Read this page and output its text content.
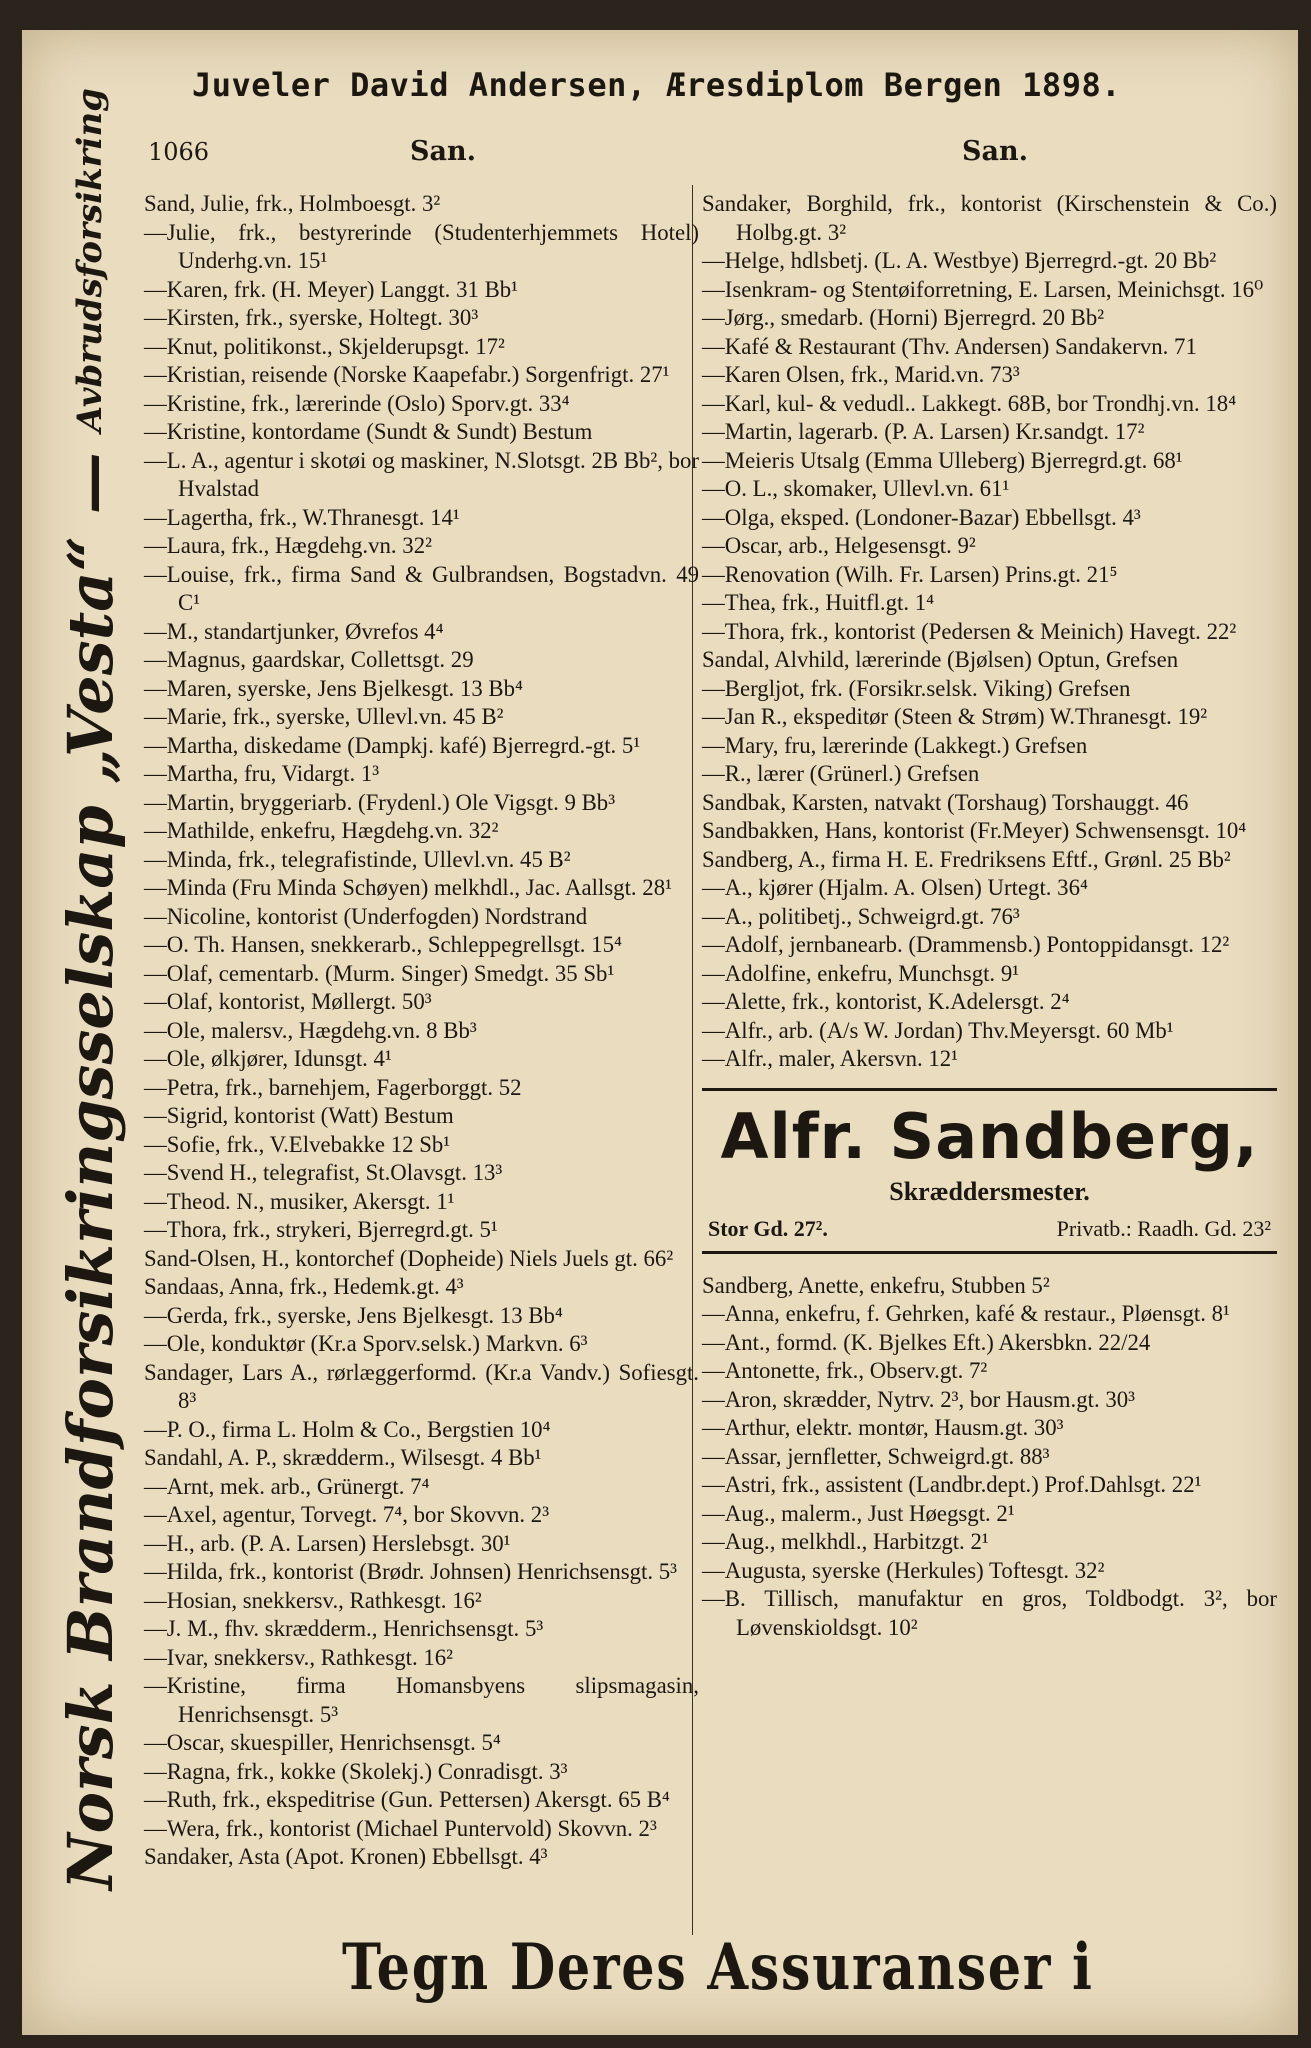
Juveler David Andersen, Æresdiplom Bergen 1898.
1066	San.	San.
Norsk Brandforsikringsselskap „Vesta“ —
Avbrudsforsikring Sand, Julie, frk., Holmboesgt. 3²
—Julie, frk., bestyrerinde (Studenterhjemmets Hotel) Underhg.vn. 15¹
—Karen, frk. (H. Meyer) Langgt. 31 Bb¹
—Kirsten, frk., syerske, Holtegt. 30³
—Knut, politikonst., Skjelderupsgt. 17²
—Kristian, reisende (Norske Kaapefabr.) Sorgenfrigt. 27¹
—Kristine, frk., lærerinde (Oslo) Sporv.gt. 33⁴
—Kristine, kontordame (Sundt & Sundt) Bestum
—L. A., agentur i skotøi og maskiner, N.Slotsgt. 2B Bb², bor Hvalstad
—Lagertha, frk., W.Thranesgt. 14¹
—Laura, frk., Hægdehg.vn. 32²
—Louise, frk., firma Sand & Gulbrandsen, Bogstadvn. 49 C¹
—M., standartjunker, Øvrefos 4⁴
—Magnus, gaardskar, Collettsgt. 29
—Maren, syerske, Jens Bjelkesgt. 13 Bb⁴
—Marie, frk., syerske, Ullevl.vn. 45 B²
—Martha, diskedame (Dampkj. kafé) Bjerregrd.-gt. 5¹
—Martha, fru, Vidargt. 1³
—Martin, bryggeriarb. (Frydenl.) Ole Vigsgt. 9 Bb³
—Mathilde, enkefru, Hægdehg.vn. 32²
—Minda, frk., telegrafistinde, Ullevl.vn. 45 B²
—Minda (Fru Minda Schøyen) melkhdl., Jac. Aallsgt. 28¹
—Nicoline, kontorist (Underfogden) Nordstrand
—O. Th. Hansen, snekkerarb., Schleppegrellsgt. 15⁴
—Olaf, cementarb. (Murm. Singer) Smedgt. 35 Sb¹
—Olaf, kontorist, Møllergt. 50³
—Ole, malersv., Hægdehg.vn. 8 Bb³
—Ole, ølkjører, Idunsgt. 4¹
—Petra, frk., barnehjem, Fagerborggt. 52
—Sigrid, kontorist (Watt) Bestum
—Sofie, frk., V.Elvebakke 12 Sb¹
—Svend H., telegrafist, St.Olavsgt. 13³
—Theod. N., musiker, Akersgt. 1¹
—Thora, frk., strykeri, Bjerregrd.gt. 5¹
Sand-Olsen, H., kontorchef (Dopheide) Niels Juels gt. 66²
Sandaas, Anna, frk., Hedemk.gt. 4³
—Gerda, frk., syerske, Jens Bjelkesgt. 13 Bb⁴
—Ole, konduktør (Kr.a Sporv.selsk.) Markvn. 6³
Sandager, Lars A., rørlæggerformd. (Kr.a Vandv.) Sofiesgt. 8³
—P. O., firma L. Holm & Co., Bergstien 10⁴
Sandahl, A. P., skrædderm., Wilsesgt. 4 Bb¹
—Arnt, mek. arb., Grünergt. 7⁴
—Axel, agentur, Torvegt. 7⁴, bor Skovvn. 2³
—H., arb. (P. A. Larsen) Herslebsgt. 30¹
—Hilda, frk., kontorist (Brødr. Johnsen) Henrichsensgt. 5³
—Hosian, snekkersv., Rathkesgt. 16²
—J. M., fhv. skrædderm., Henrichsensgt. 5³
—Ivar, snekkersv., Rathkesgt. 16²
—Kristine, firma Homansbyens slipsmagasin, Henrichsensgt. 5³
—Oscar, skuespiller, Henrichsensgt. 5⁴
—Ragna, frk., kokke (Skolekj.) Conradisgt. 3³
—Ruth, frk., ekspeditrise (Gun. Pettersen) Akersgt. 65 B⁴
—Wera, frk., kontorist (Michael Puntervold) Skovvn. 2³
Sandaker, Asta (Apot. Kronen) Ebbellsgt. 4³
Sandaker, Borghild, frk., kontorist (Kirschenstein & Co.) Holbg.gt. 3²
—Helge, hdlsbetj. (L. A. Westbye) Bjerregrd.-gt. 20 Bb²
—Isenkram- og Stentøiforretning, E. Larsen, Meinichsgt. 16⁰
—Jørg., smedarb. (Horni) Bjerregrd. 20 Bb²
—Kafé & Restaurant (Thv. Andersen) Sandakervn. 71
—Karen Olsen, frk., Marid.vn. 73³
—Karl, kul- & vedudl.. Lakkegt. 68B, bor Trondhj.vn. 18⁴
—Martin, lagerarb. (P. A. Larsen) Kr.sandgt. 17²
—Meieris Utsalg (Emma Ulleberg) Bjerregrd.gt. 68¹
—O. L., skomaker, Ullevl.vn. 61¹
—Olga, eksped. (Londoner-Bazar) Ebbellsgt. 4³
—Oscar, arb., Helgesensgt. 9²
—Renovation (Wilh. Fr. Larsen) Prins.gt. 21⁵
—Thea, frk., Huitfl.gt. 1⁴
—Thora, frk., kontorist (Pedersen & Meinich) Havegt. 22²
Sandal, Alvhild, lærerinde (Bjølsen) Optun, Grefsen
—Bergljot, frk. (Forsikr.selsk. Viking) Grefsen
—Jan R., ekspeditør (Steen & Strøm) W.Thranesgt. 19²
—Mary, fru, lærerinde (Lakkegt.) Grefsen
—R., lærer (Grünerl.) Grefsen
Sandbak, Karsten, natvakt (Torshaug) Torshauggt. 46
Sandbakken, Hans, kontorist (Fr.Meyer) Schwensensgt. 10⁴
Sandberg, A., firma H. E. Fredriksens Eftf., Grønl. 25 Bb²
—A., kjører (Hjalm. A. Olsen) Urtegt. 36⁴
—A., politibetj., Schweigrd.gt. 76³
—Adolf, jernbanearb. (Drammensb.) Pontoppidansgt. 12²
—Adolfine, enkefru, Munchsgt. 9¹
—Alette, frk., kontorist, K.Adelersgt. 2⁴
—Alfr., arb. (A/s W. Jordan) Thv.Meyersgt. 60 Mb¹
—Alfr., maler, Akersvn. 12¹
Alfr. Sandberg,
Skræddersmester.
Stor Gd. 27².	Privatb.: Raadh. Gd. 23²
Sandberg, Anette, enkefru, Stubben 5²
—Anna, enkefru, f. Gehrken, kafé & restaur., Pløensgt. 8¹
—Ant., formd. (K. Bjelkes Eft.) Akersbkn. 22/24
—Antonette, frk., Observ.gt. 7²
—Aron, skrædder, Nytrv. 2³, bor Hausm.gt. 30³
—Arthur, elektr. montør, Hausm.gt. 30³
—Assar, jernfletter, Schweigrd.gt. 88³
—Astri, frk., assistent (Landbr.dept.) Prof.Dahlsgt. 22¹
—Aug., malerm., Just Høegsgt. 2¹
—Aug., melkhdl., Harbitzgt. 2¹
—Augusta, syerske (Herkules) Toftesgt. 32²
—B. Tillisch, manufaktur en gros, Toldbodgt. 3², bor Løvenskioldsgt. 10²
Tegn Deres Assuranser i
